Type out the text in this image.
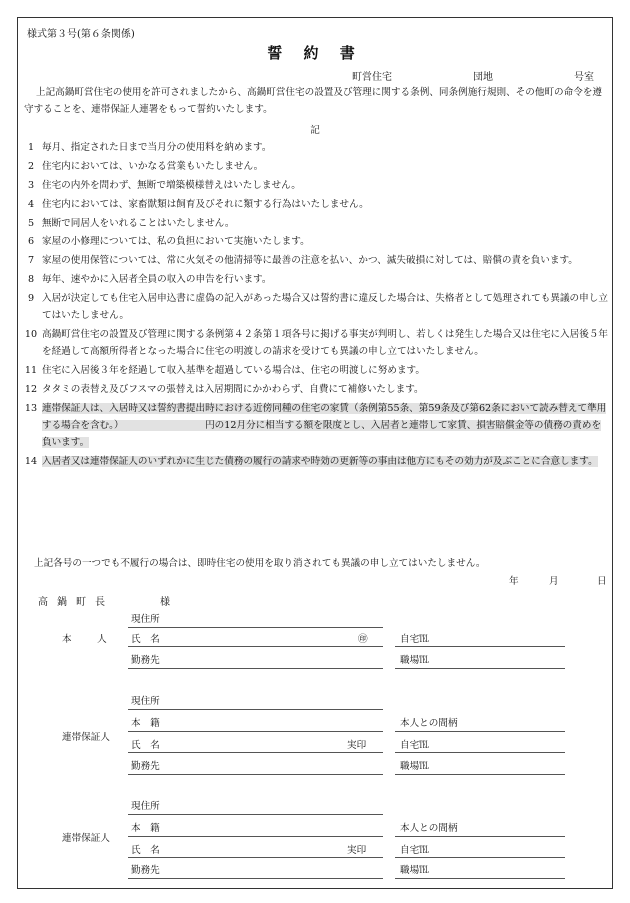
様式第３号(第６条関係)
誓 約 書
町営住宅	団地	号室

上記高鍋町営住宅の使用を許可されましたから、高鍋町営住宅の設置及び管理に関する条例、同条例施行規則、その他町の命令を遵守することを、連帯保証人連署をもって誓約いたします。

記
1 毎月、指定された日まで当月分の使用料を納めます。
2 住宅内においては、いかなる営業もいたしません。
3 住宅の内外を問わず、無断で増築模様替えはいたしません。
4 住宅内においては、家畜獣類は飼育及びそれに類する行為はいたしません。
5 無断で同居人をいれることはいたしません。
6 家屋の小修理については、私の負担において実施いたします。
7 家屋の使用保管については、常に火気その他清掃等に最善の注意を払い、かつ、滅失破損に対しては、賠償の責を負います。
8 毎年、速やかに入居者全員の収入の申告を行います。
9 入居が決定しても住宅入居申込書に虚偽の記入があった場合又は誓約書に違反した場合は、失格者として処理されても異議の申し立てはいたしません。
10 高鍋町営住宅の設置及び管理に関する条例第４２条第１項各号に掲げる事実が判明し、若しくは発生した場合又は住宅に入居後５年を経過して高額所得者となった場合に住宅の明渡しの請求を受けても異議の申し立てはいたしません。
11 住宅に入居後３年を経過して収入基準を超過している場合は、住宅の明渡しに努めます。
12 タタミの表替え及びフスマの張替えは入居期間にかかわらず、自費にて補修いたします。
13 連帯保証人は、入居時又は誓約書提出時における近傍同種の住宅の家賃（条例第55条、第59条及び第62条において読み替えて準用する場合を含む。）　　　　　　　　　円の12月分に相当する額を限度とし、入居者と連帯して家賃、損害賠償金等の債務の責めを負います。
14 入居者又は連帯保証人のいずれかに生じた債務の履行の請求や時効の更新等の事由は他方にもその効力が及ぶことに合意します。
上記各号の一つでも不履行の場合は、即時住宅の使用を取り消されても異議の申し立てはいたしません。
年	月	日
高鍋町長	様
本　人
現住所
氏　名	㊞	自宅℡
勤務先	職場℡
連帯保証人
現住所
本　籍	本人との間柄
氏　名	実印	自宅℡
勤務先	職場℡
連帯保証人
現住所
本　籍	本人との間柄
氏　名	実印	自宅℡
勤務先	職場℡
